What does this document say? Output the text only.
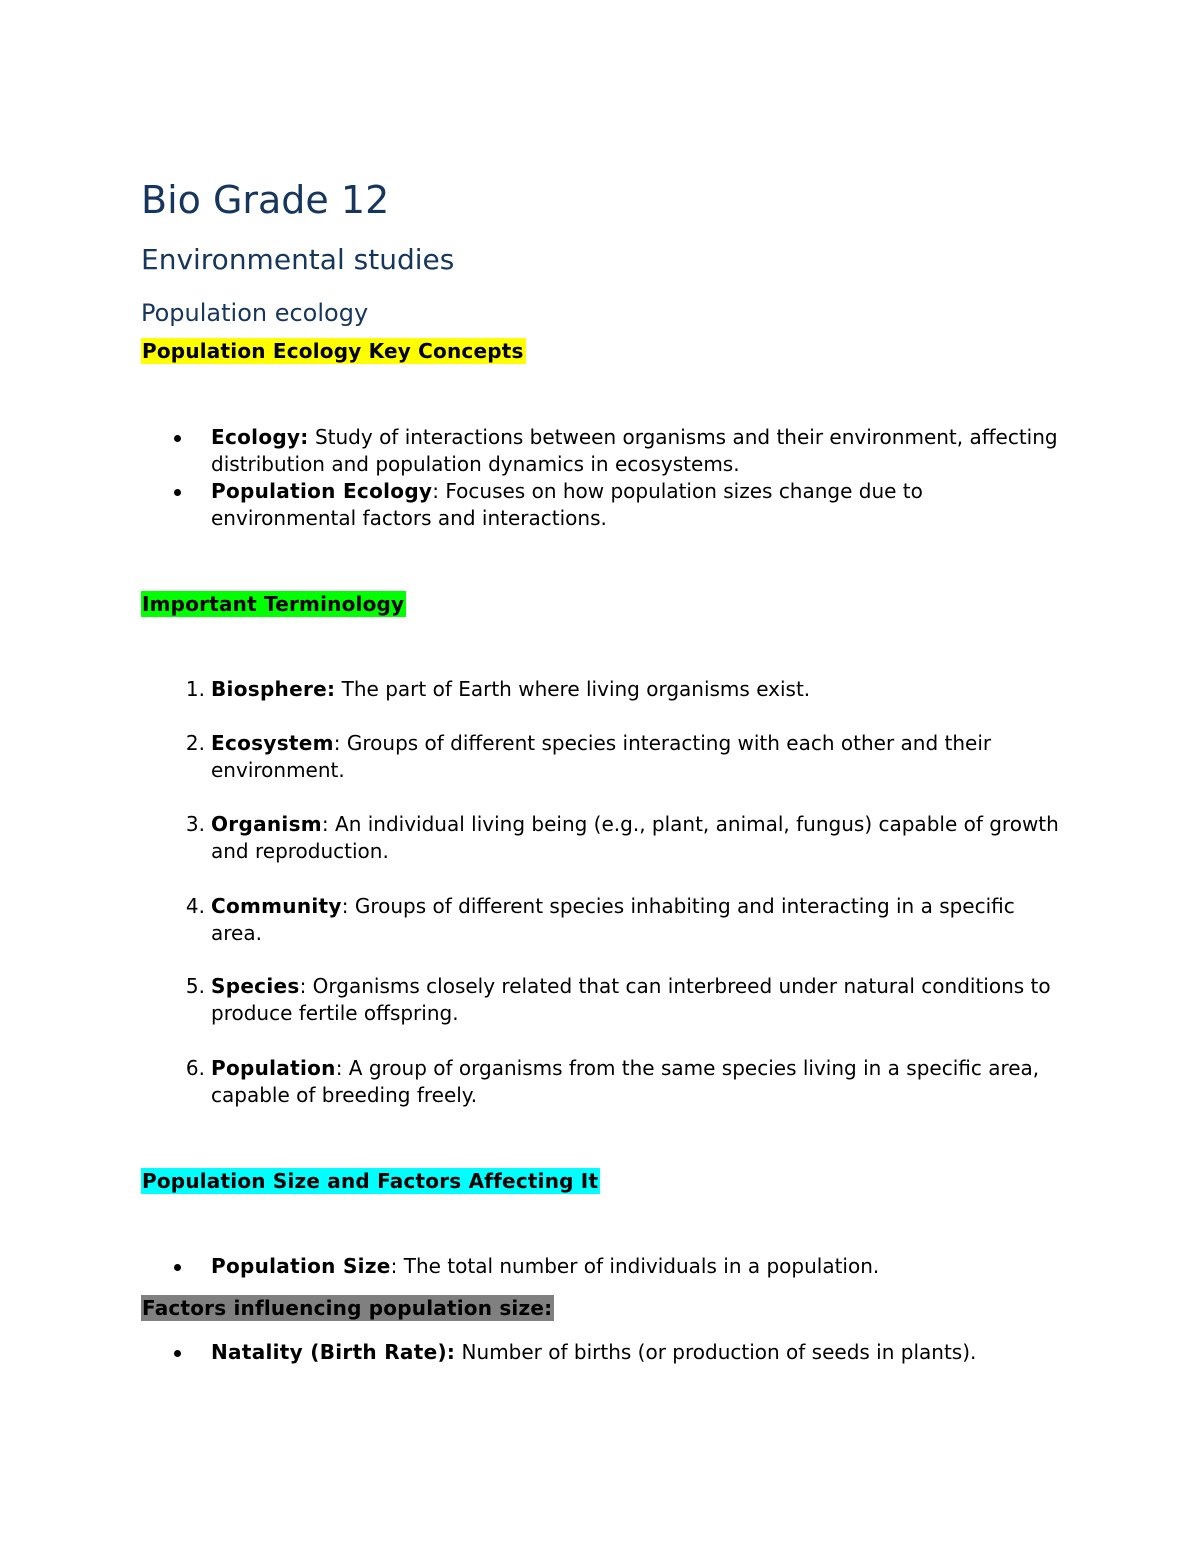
Bio Grade 12
Environmental studies
Population ecology
Population Ecology Key Concepts

Ecology: Study of interactions between organisms and their environment, affecting distribution and population dynamics in ecosystems.

Population Ecology: Focuses on how population sizes change due to environmental factors and interactions.

Important Terminology

1. Biosphere: The part of Earth where living organisms exist.

2. Ecosystem: Groups of different species interacting with each other and their environment.

3. Organism: An individual living being (e.g., plant, animal, fungus) capable of growth and reproduction.

4. Community: Groups of different species inhabiting and interacting in a specific area.

5. Species: Organisms closely related that can interbreed under natural conditions to produce fertile offspring.

6. Population: A group of organisms from the same species living in a specific area, capable of breeding freely.

Population Size and Factors Affecting It

Population Size: The total number of individuals in a population.

Factors influencing population size:

Natality (Birth Rate): Number of births (or production of seeds in plants).
